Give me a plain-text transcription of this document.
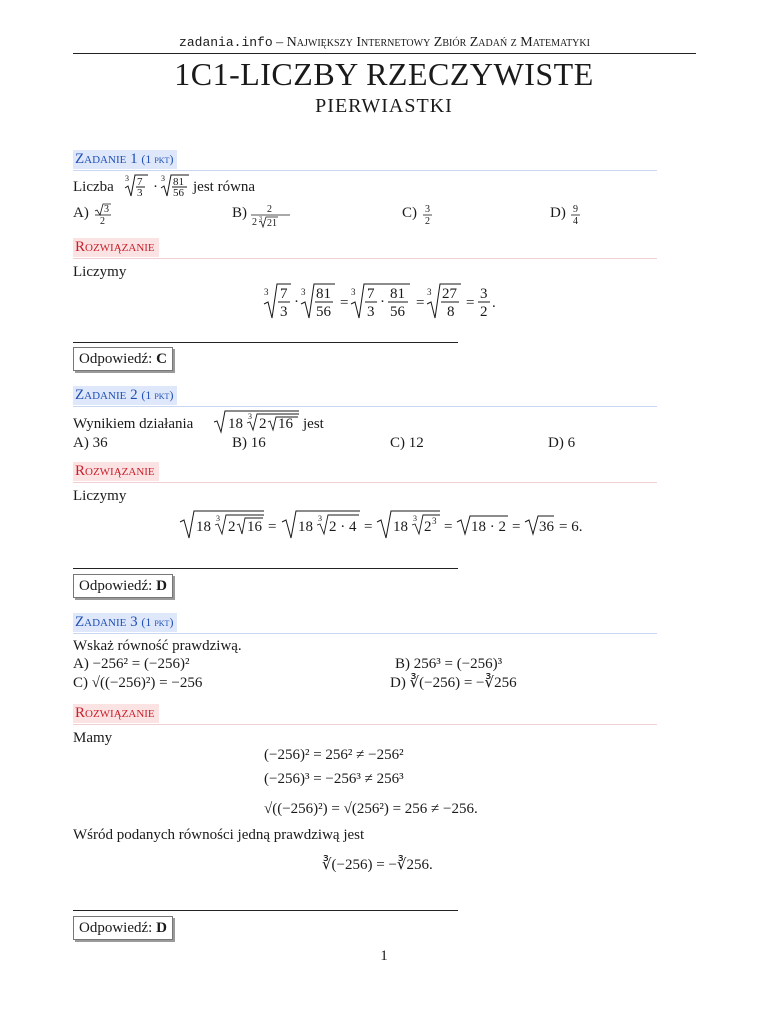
zadania.info – Największy Internetowy Zbiór Zadań z Matematyki
1C1-LICZBY RZECZYWISTE
PIERWIASTKI
Zadanie 1 (1 pkt)
Liczba
3 7
3 ·
3 81
56 jest równa
A) 3
2
B) 2
2 3 21
C) 3
2
D) 9
4
Rozwiązanie
Liczymy
3 7
3
·
3 81
56
=
3 7
3
· 81
56
=
3 27
8
=
3
2
.
Odpowiedź: C
Zadanie 2 (1 pkt)
Wynikiem działania 18 3 2 16 jest
A) 36	B) 16	C) 12	D) 6
Rozwiązanie
Liczymy
18
3
2 16 = 18
3
2 · 4 = 18
3
2 3 = 18 · 2 = 36 = 6.
Odpowiedź: D
Zadanie 3 (1 pkt)
Wskaż równość prawdziwą.
A) −256² = (−256)²	B) 256³ = (−256)³
C) √((−256)²) = −256	D) ∛(−256) = −∛256
Rozwiązanie
Mamy
(−256)² = 256² ≠ −256²
(−256)³ = −256³ ≠ 256³
√((−256)²) = √(256²) = 256 ≠ −256.
Wśród podanych równości jedną prawdziwą jest
∛(−256) = −∛256.
Odpowiedź: D
1
